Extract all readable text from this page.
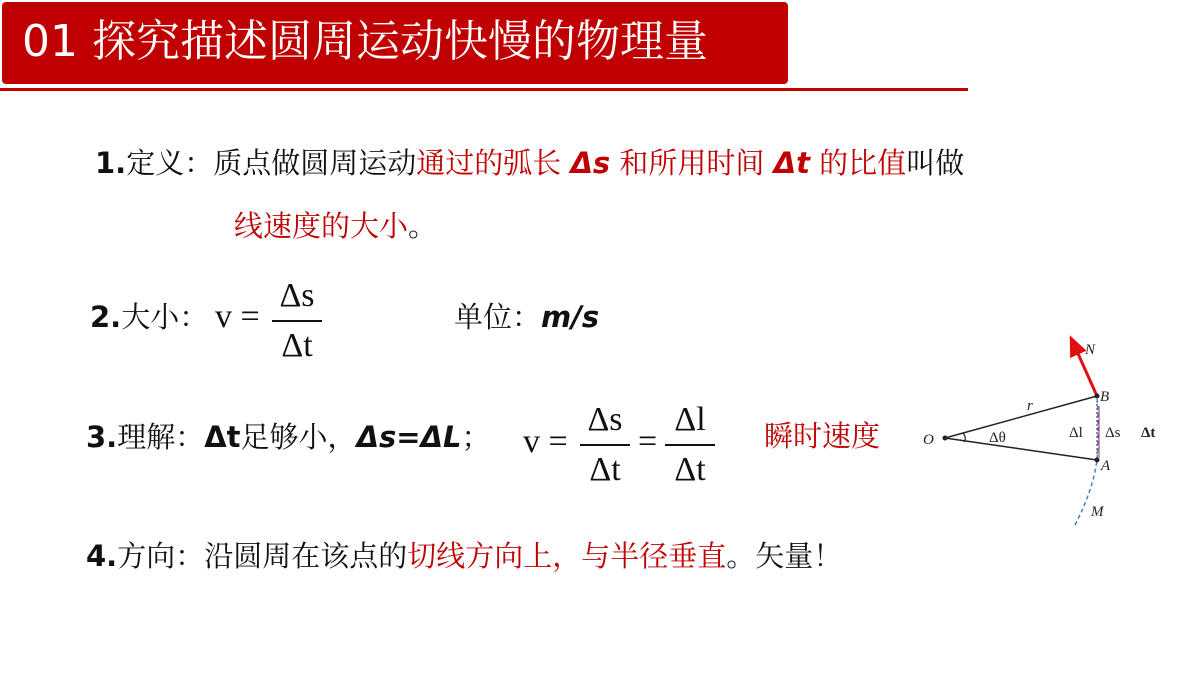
01 探究描述圆周运动快慢的物理量
1.定义：质点做圆周运动通过的弧长 Δs 和所用时间 Δt 的比值叫做
线速度的大小。
2.大小： v =
Δs
Δt
单位：m/s
3.理解：Δt足够小，Δs=ΔL； v =
Δs
Δt
=
Δl
Δt
瞬时速度
4.方向：沿圆周在该点的切线方向上，与半径垂直。矢量！
N
B
r
O	Δθ	Δl Δs Δt
A
M
